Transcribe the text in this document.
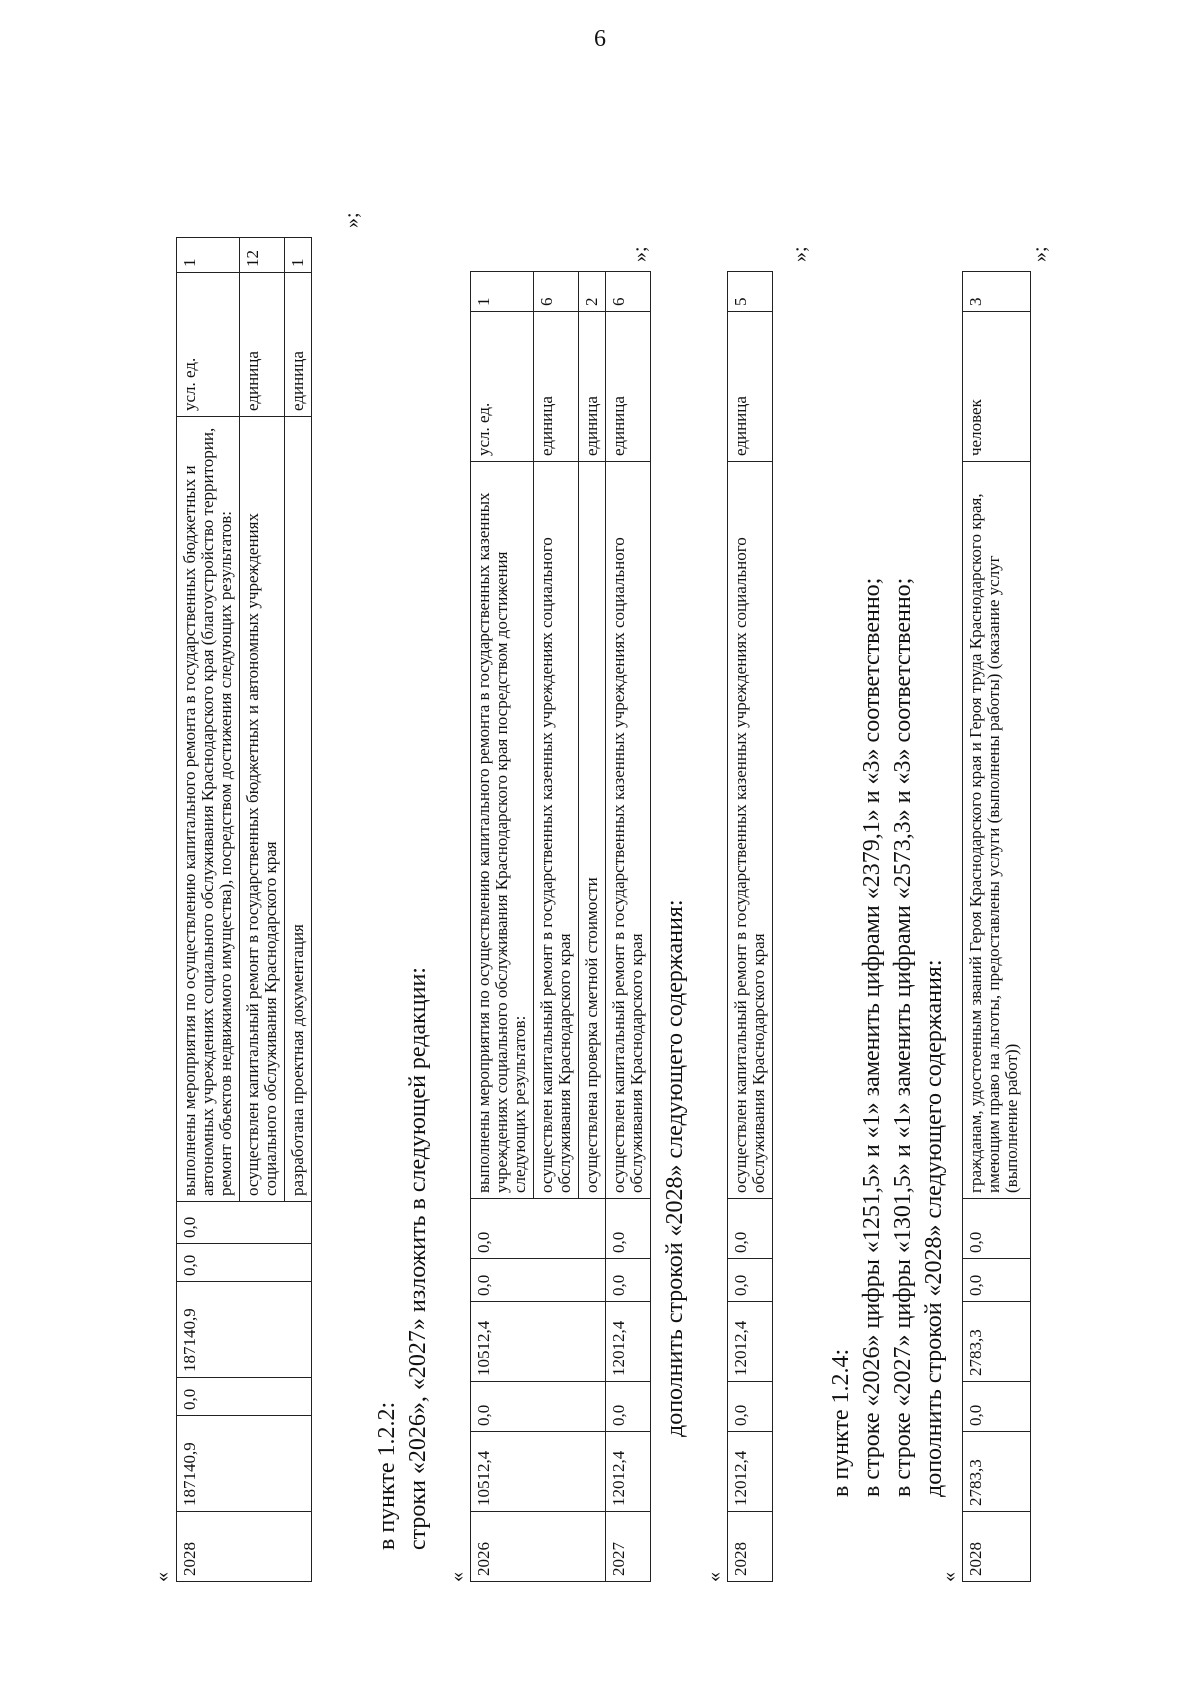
6
«
2028	187140,9	0,0	187140,9	0,0	0,0	выполнены мероприятия по осуществлению капитального ремонта в государственных бюджетных и автономных учреждениях социального обслуживания Краснодарского края (благоустройство территории, ремонт объектов недвижимого имущества), посредством достижения следующих результатов:	усл. ед.	1
						осуществлен капитальный ремонт в государственных бюджетных и автономных учреждениях социального обслуживания Краснодарского края	единица	12
						разработана проектная документация	единица	1
»;
в пункте 1.2.2: строки «2026», «2027» изложить в следующей редакции:
«
2026	10512,4	0,0	10512,4	0,0	0,0	выполнены мероприятия по осуществлению капитального ремонта в государственных казенных учреждениях социального обслуживания Краснодарского края посредством достижения следующих результатов:	усл. ед.	1
						осуществлен капитальный ремонт в государственных казенных учреждениях социального обслуживания Краснодарского края	единица	6
						осуществлена проверка сметной стоимости	единица	2
2027	12012,4	0,0	12012,4	0,0	0,0	осуществлен капитальный ремонт в государственных казенных учреждениях социального обслуживания Краснодарского края	единица	6
»;
дополнить строкой «2028» следующего содержания:
«
2028	12012,4	0,0	12012,4	0,0	0,0	осуществлен капитальный ремонт в государственных казенных учреждениях социального обслуживания Краснодарского края	единица	5
»;
в пункте 1.2.4: в строке «2026» цифры «1251,5» и «1» заменить цифрами «2379,1» и «3» соответственно; в строке «2027» цифры «1301,5» и «1» заменить цифрами «2573,3» и «3» соответственно; дополнить строкой «2028» следующего содержания:
«
2028	2783,3	0,0	2783,3	0,0	0,0	гражданам, удостоенным званий Героя Краснодарского края и Героя труда Краснодарского края, имеющим право на льготы, предоставлены услуги (выполнены работы) (оказание услуг (выполнение работ))	человек	3
»;
